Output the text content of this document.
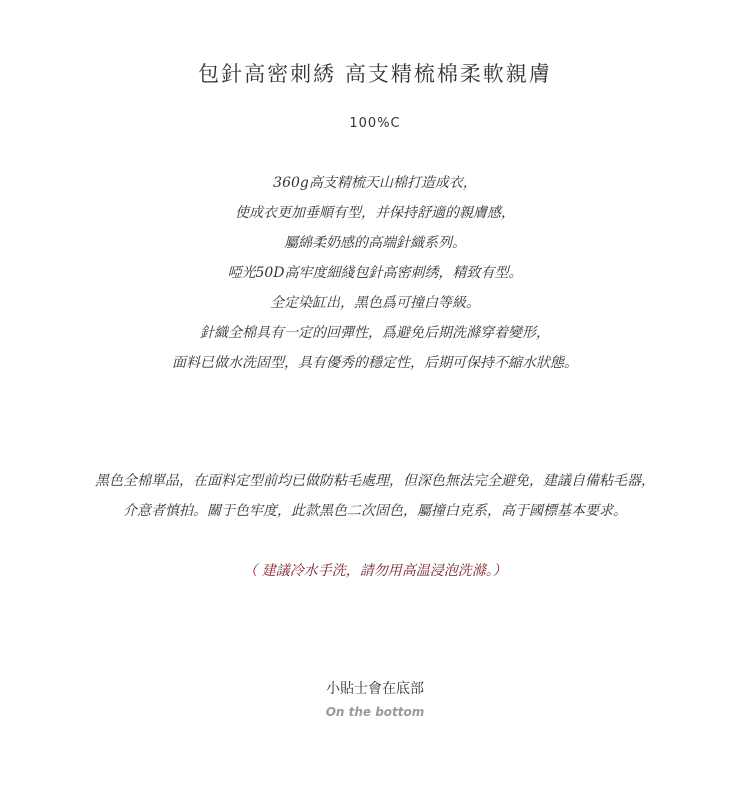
包針高密刺綉 高支精梳棉柔軟親膚
100%C
360g高支精梳天山棉打造成衣，
使成衣更加垂順有型，并保持舒適的親膚感，
屬綿柔奶感的高端針織系列。
啞光50D高牢度細綫包針高密刺绣，精致有型。
全定染缸出，黑色爲可撞白等級。
針織全棉具有一定的回彈性，爲避免后期洗滌穿着變形，
面料已做水洗固型，具有優秀的穩定性，后期可保持不縮水狀態。

黑色全棉單品，在面料定型前均已做防粘毛處理，但深色無法完全避免，建議自備粘毛器，

介意者慎拍。關于色牢度，此款黑色二次固色，屬撞白克系，高于國標基本要求。

（ 建議冷水手洗，請勿用高温浸泡洗滌。）
小貼士會在底部
On the bottom
